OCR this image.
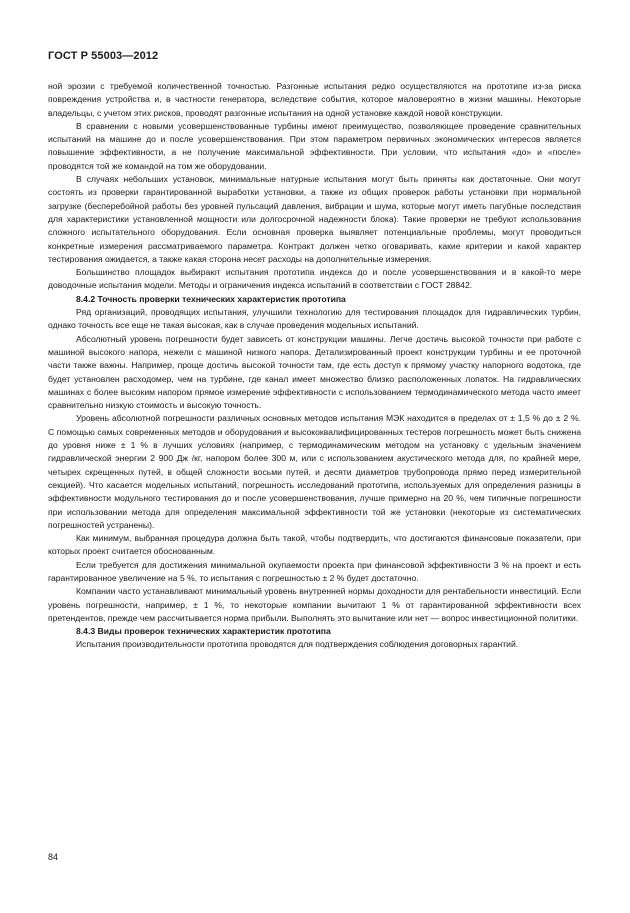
ГОСТ Р 55003—2012

ной эрозии с требуемой количественной точностью. Разгонные испытания редко осуществляются на прототипе из-за риска повреждения устройства и, в частности генератора, вследствие события, которое маловероятно в жизни машины. Некоторые владельцы, с учетом этих рисков, проводят разгонные испытания на одной установке каждой новой конструкции.

В сравнении с новыми усовершенствованные турбины имеют преимущество, позволяющее проведение сравнительных испытаний на машине до и после усовершенствования. При этом параметром первичных экономических интересов является повышение эффективности, а не получение максимальной эффективности. При условии, что испытания «до» и «после» проводятся той же командой на том же оборудовании.

В случаях небольших установок, минимальные натурные испытания могут быть приняты как достаточные. Они могут состоять из проверки гарантированной выработки установки, а также из общих проверок работы установки при нормальной загрузке (бесперебойной работы без уровней пульсаций давления, вибрации и шума, которые могут иметь пагубные последствия для характеристики установленной мощности или долгосрочной надежности блока). Такие проверки не требуют использования сложного испытательного оборудования. Если основная проверка выявляет потенциальные проблемы, могут проводиться конкретные измерения рассматриваемого параметра. Контракт должен четко оговаривать, какие критерии и какой характер тестирования ожидается, а также какая сторона несет расходы на дополнительные измерения.

Большинство площадок выбирают испытания прототипа индекса до и после усовершенствования и в какой-то мере доводочные испытания модели. Методы и ограничения индекса испытаний в соответствии с ГОСТ 28842.

8.4.2 Точность проверки технических характеристик прототипа

Ряд организаций, проводящих испытания, улучшили технологию для тестирования площадок для гидравлических турбин, однако точность все еще не такая высокая, как в случае проведения модельных испытаний.

Абсолютный уровень погрешности будет зависеть от конструкции машины. Легче достичь высокой точности при работе с машиной высокого напора, нежели с машиной низкого напора. Детализированный проект конструкции турбины и ее проточной части также важны. Например, проще достичь высокой точности там, где есть доступ к прямому участку напорного водотока, где будет установлен расходомер, чем на турбине, где канал имеет множество близко расположенных лопаток. На гидравлических машинах с более высоким напором прямое измерение эффективности с использованием термодинамического метода часто имеет сравнительно низкую стоимость и высокую точность.

Уровень абсолютной погрешности различных основных методов испытания МЭК находится в пределах от ± 1,5 % до ± 2 %. С помощью самых современных методов и оборудования и высококвалифицированных тестеров погрешность может быть снижена до уровня ниже ± 1 % в лучших условиях (например, с термодинамическим методом на установку с удельным значением гидравлической энергии 2 900 Дж /кг, напором более 300 м, или с использованием акустического метода для, по крайней мере, четырех скрещенных путей, в общей сложности восьми путей, и десяти диаметров трубопровода прямо перед измерительной секцией). Что касается модельных испытаний, погрешность исследований прототипа, используемых для определения разницы в эффективности модульного тестирования до и после усовершенствования, лучше примерно на 20 %, чем типичные погрешности при использовании метода для определения максимальной эффективности той же установки (некоторые из систематических погрешностей устранены).

Как минимум, выбранная процедура должна быть такой, чтобы подтвердить, что достигаются финансовые показатели, при которых проект считается обоснованным.

Если требуется для достижения минимальной окупаемости проекта при финансовой эффективности 3 % на проект и есть гарантированное увеличение на 5 %, то испытания с погрешностью ± 2 % будет достаточно.

Компании часто устанавливают минимальный уровень внутренней нормы доходности для рентабельности инвестиций. Если уровень погрешности, например, ± 1 %, то некоторые компании вычитают 1 % от гарантированной эффективности всех претендентов, прежде чем рассчитывается норма прибыли. Выполнять это вычитание или нет — вопрос инвестиционной политики.

8.4.3 Виды проверок технических характеристик прототипа

Испытания производительности прототипа проводятся для подтверждения соблюдения договорных гарантий.

84
